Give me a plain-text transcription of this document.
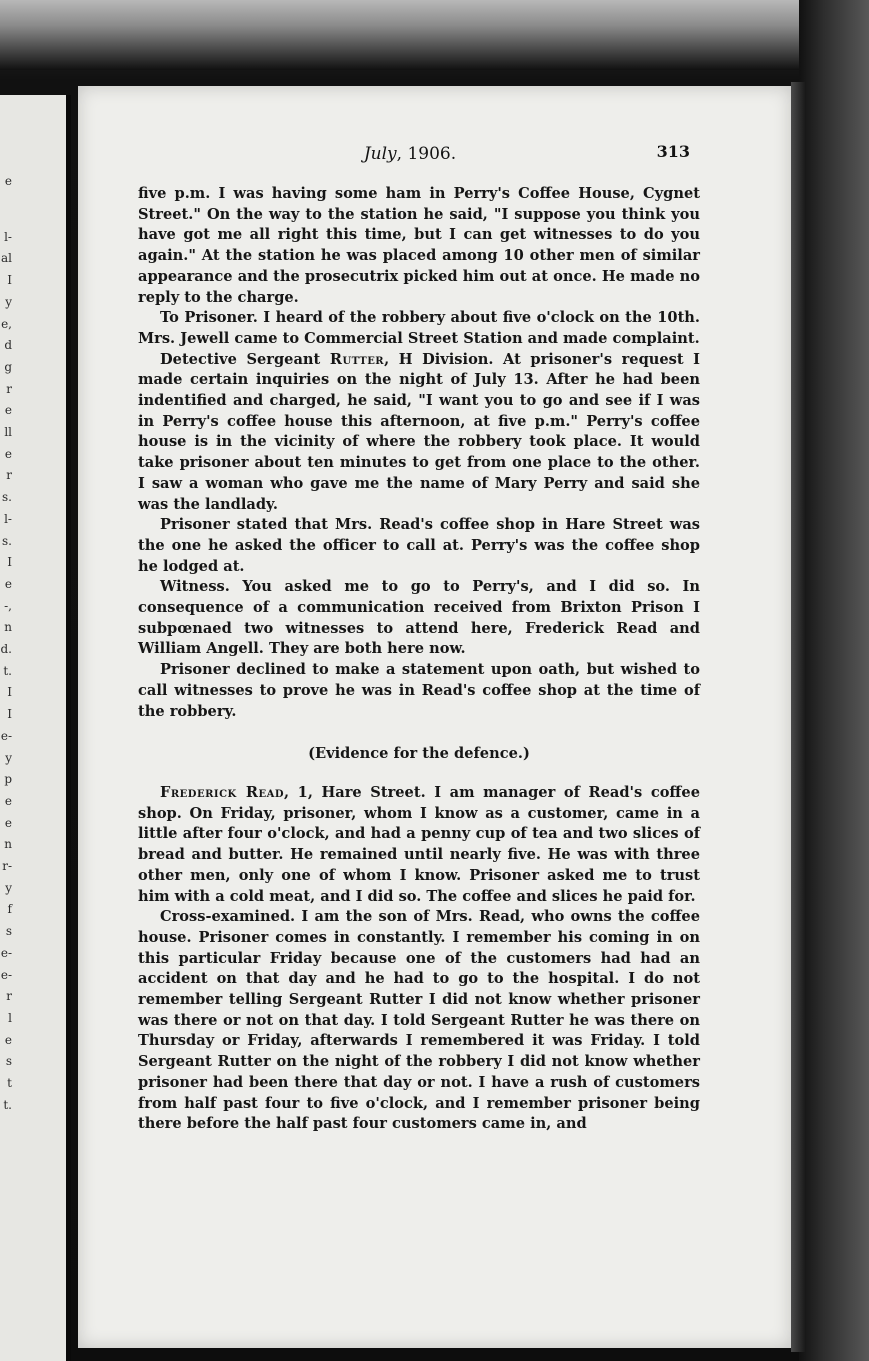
e
l-
al
I
y
e,
d
g
r
e
ll
e
r
s.
l-
s.
I
e
-,
n
d.
t.
I
I
e-
y
p
e
e
n
r-
y
f
s
e-
e-
r
l
e
s
t
t.
July, 1906.	313

five p.m. I was having some ham in Perry's Coffee House, Cygnet Street." On the way to the station he said, "I suppose you think you have got me all right this time, but I can get witnesses to do you again." At the station he was placed among 10 other men of similar appearance and the prosecutrix picked him out at once. He made no reply to the charge.

To Prisoner. I heard of the robbery about five o'clock on the 10th. Mrs. Jewell came to Commercial Street Station and made complaint.

Detective Sergeant Rutter, H Division. At prisoner's request I made certain inquiries on the night of July 13. After he had been indentified and charged, he said, "I want you to go and see if I was in Perry's coffee house this afternoon, at five p.m." Perry's coffee house is in the vicinity of where the robbery took place. It would take prisoner about ten minutes to get from one place to the other. I saw a woman who gave me the name of Mary Perry and said she was the landlady.

Prisoner stated that Mrs. Read's coffee shop in Hare Street was the one he asked the officer to call at. Perry's was the coffee shop he lodged at.

Witness. You asked me to go to Perry's, and I did so. In consequence of a communication received from Brixton Prison I subpœnaed two witnesses to attend here, Frederick Read and William Angell. They are both here now.

Prisoner declined to make a statement upon oath, but wished to call witnesses to prove he was in Read's coffee shop at the time of the robbery.

(Evidence for the defence.)

Frederick Read, 1, Hare Street. I am manager of Read's coffee shop. On Friday, prisoner, whom I know as a customer, came in a little after four o'clock, and had a penny cup of tea and two slices of bread and butter. He remained until nearly five. He was with three other men, only one of whom I know. Prisoner asked me to trust him with a cold meat, and I did so. The coffee and slices he paid for.

Cross-examined. I am the son of Mrs. Read, who owns the coffee house. Prisoner comes in constantly. I remember his coming in on this particular Friday because one of the customers had had an accident on that day and he had to go to the hospital. I do not remember telling Sergeant Rutter I did not know whether prisoner was there or not on that day. I told Sergeant Rutter he was there on Thursday or Friday, afterwards I remembered it was Friday. I told Sergeant Rutter on the night of the robbery I did not know whether prisoner had been there that day or not. I have a rush of customers from half past four to five o'clock, and I remember prisoner being there before the half past four customers came in, and
